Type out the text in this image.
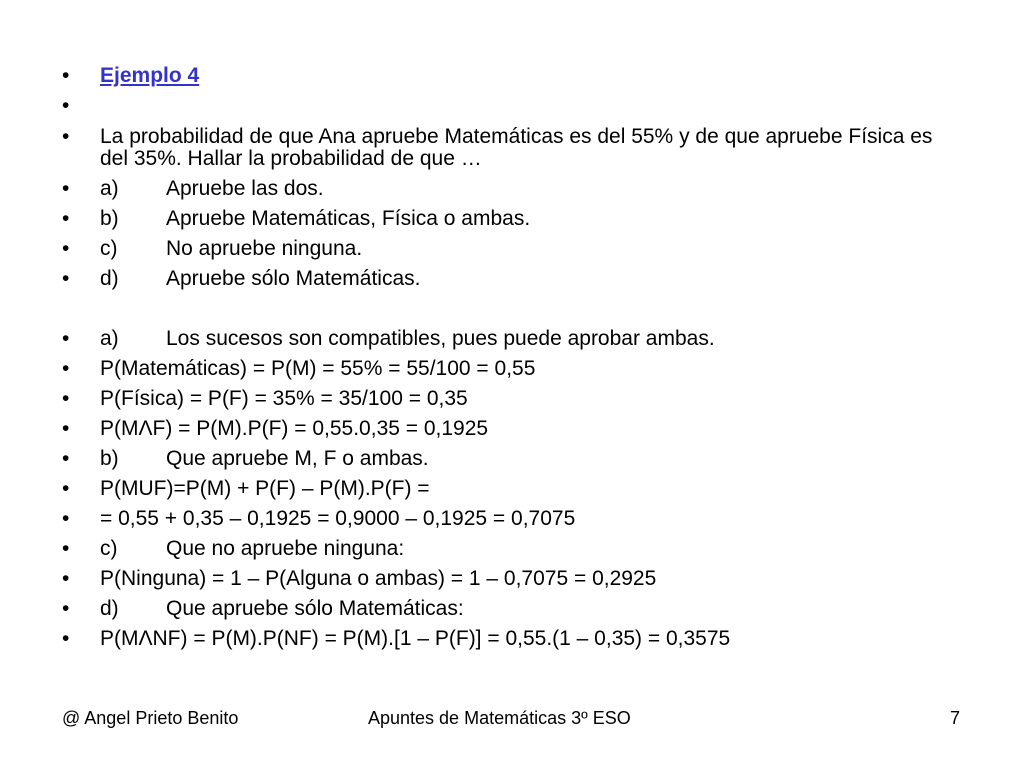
•	Ejemplo 4
•
•	La probabilidad de que Ana apruebe Matemáticas es del 55% y de que apruebe Física es del 35%. Hallar la probabilidad de que …
•	a) Apruebe las dos.
•	b) Apruebe Matemáticas, Física o ambas.
•	c) No apruebe ninguna.
•	d) Apruebe sólo Matemáticas.
•	a) Los sucesos son compatibles, pues puede aprobar ambas.
•	P(Matemáticas) = P(M) = 55% = 55/100 = 0,55
•	P(Física) = P(F) = 35% = 35/100 = 0,35
•	P(MΛF) = P(M).P(F) = 0,55.0,35 = 0,1925
•	b) Que apruebe M, F o ambas.
•	P(MUF)=P(M) + P(F) – P(M).P(F) =
•	= 0,55 + 0,35 – 0,1925 = 0,9000 – 0,1925 = 0,7075
•	c) Que no apruebe ninguna:
•	P(Ninguna) = 1 – P(Alguna o ambas) = 1 – 0,7075 = 0,2925
•	d) Que apruebe sólo Matemáticas:
•	P(MΛNF) = P(M).P(NF) = P(M).[1 – P(F)] = 0,55.(1 – 0,35) = 0,3575
@ Angel Prieto Benito	Apuntes de Matemáticas 3º ESO	7
